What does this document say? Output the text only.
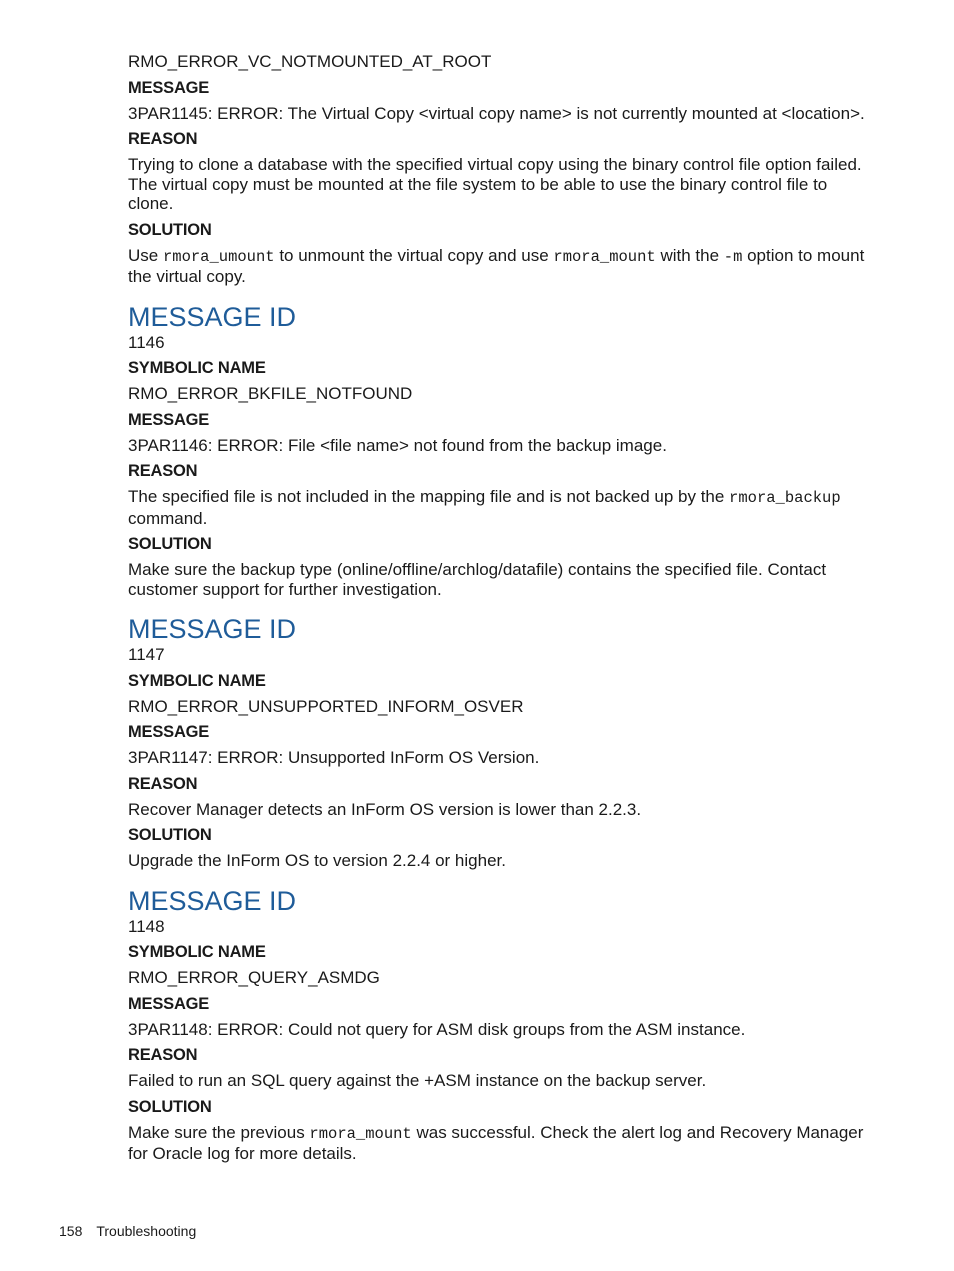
RMO_ERROR_VC_NOTMOUNTED_AT_ROOT

MESSAGE

3PAR1145: ERROR: The Virtual Copy <virtual copy name> is not currently mounted at <location>.

REASON

Trying to clone a database with the specified virtual copy using the binary control file option failed. The virtual copy must be mounted at the file system to be able to use the binary control file to clone.

SOLUTION

Use rmora_umount to unmount the virtual copy and use rmora_mount with the -m option to mount the virtual copy.

MESSAGE ID

1146

SYMBOLIC NAME

RMO_ERROR_BKFILE_NOTFOUND

MESSAGE

3PAR1146: ERROR: File <file name> not found from the backup image.

REASON

The specified file is not included in the mapping file and is not backed up by the rmora_backup command.

SOLUTION

Make sure the backup type (online/offline/archlog/datafile) contains the specified file. Contact customer support for further investigation.

MESSAGE ID

1147

SYMBOLIC NAME

RMO_ERROR_UNSUPPORTED_INFORM_OSVER

MESSAGE

3PAR1147: ERROR: Unsupported InForm OS Version.

REASON

Recover Manager detects an InForm OS version is lower than 2.2.3.

SOLUTION

Upgrade the InForm OS to version 2.2.4 or higher.

MESSAGE ID

1148

SYMBOLIC NAME

RMO_ERROR_QUERY_ASMDG

MESSAGE

3PAR1148: ERROR: Could not query for ASM disk groups from the ASM instance.

REASON

Failed to run an SQL query against the +ASM instance on the backup server.

SOLUTION

Make sure the previous rmora_mount was successful. Check the alert log and Recovery Manager for Oracle log for more details.

158 Troubleshooting
